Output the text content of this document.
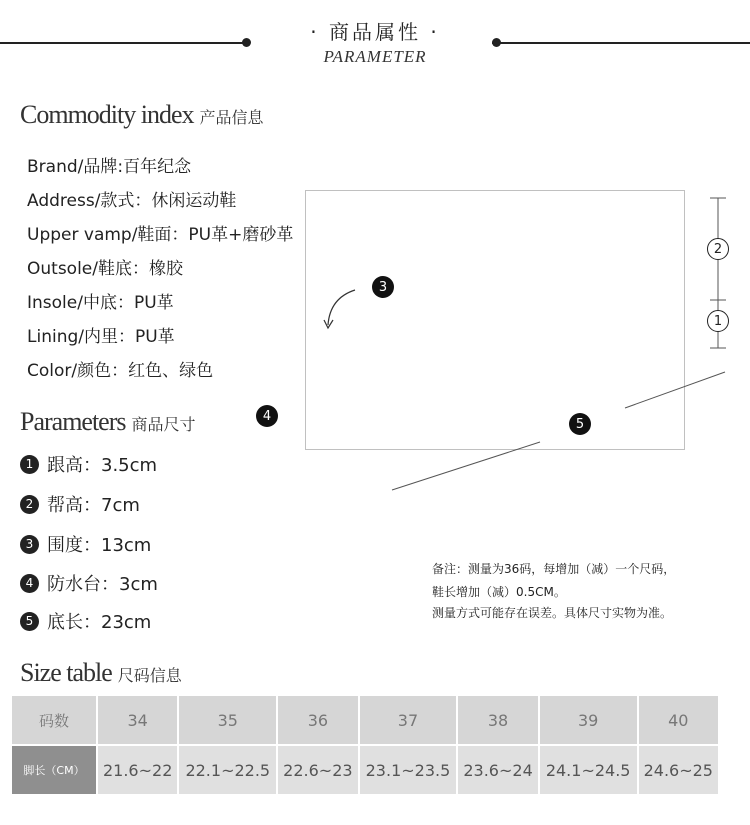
· 商品属性 ·
PARAMETER
Commodity index 产品信息
Brand/品牌:百年纪念
Address/款式：休闲运动鞋
Upper vamp/鞋面：PU革+磨砂革
Outsole/鞋底：橡胶
Insole/中底：PU革
Lining/内里：PU革
Color/颜色：红色、绿色
Parameters 商品尺寸
1 跟高：3.5cm
2 帮高：7cm
3 围度：13cm
4 防水台：3cm
5 底长：23cm
2
1
3
4
5
备注：测量为36码，每增加（减）一个尺码，
鞋长增加（减）0.5CM。
测量方式可能存在误差。具体尺寸实物为准。
Size table 尺码信息
码数	34	35	36	37	38	39	40
脚长（CM）	21.6~22	22.1~22.5	22.6~23	23.1~23.5	23.6~24	24.1~24.5	24.6~25
